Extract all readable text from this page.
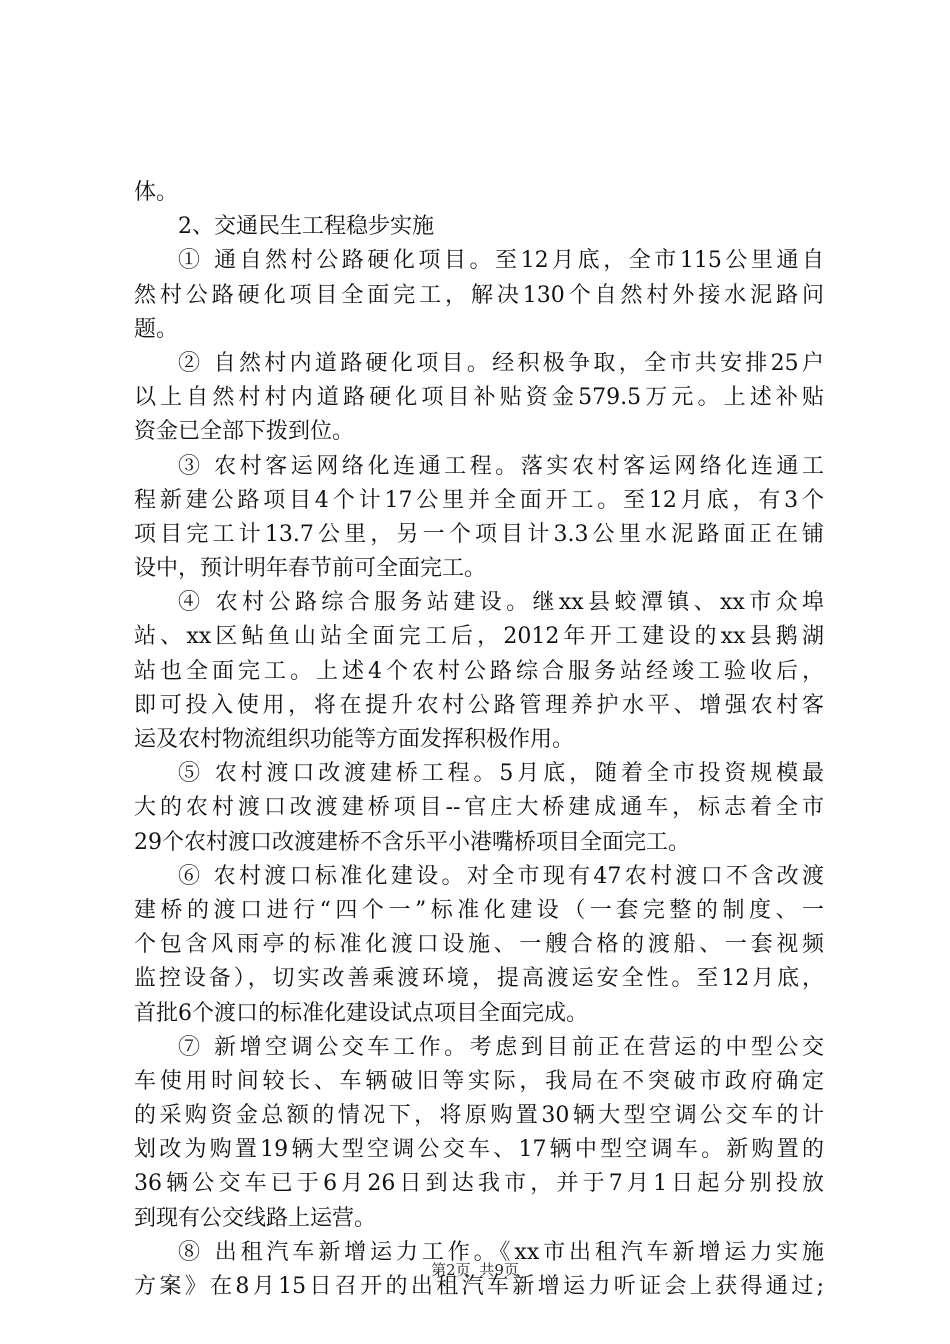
体。
2、交通民生工程稳步实施
① 通自然村公路硬化项目。至12月底，全市115公里通自
然村公路硬化项目全面完工，解决130个自然村外接水泥路问
题。
② 自然村内道路硬化项目。经积极争取，全市共安排25户
以上自然村村内道路硬化项目补贴资金579.5万元。上述补贴
资金已全部下拨到位。
③ 农村客运网络化连通工程。落实农村客运网络化连通工
程新建公路项目4个计17公里并全面开工。至12月底，有3个
项目完工计13.7公里，另一个项目计3.3公里水泥路面正在铺
设中，预计明年春节前可全面完工。
④ 农村公路综合服务站建设。继xx县蛟潭镇、xx市众埠
站、xx区鲇鱼山站全面完工后，2012年开工建设的xx县鹅湖
站也全面完工。上述4个农村公路综合服务站经竣工验收后，
即可投入使用，将在提升农村公路管理养护水平、增强农村客
运及农村物流组织功能等方面发挥积极作用。
⑤ 农村渡口改渡建桥工程。5月底，随着全市投资规模最
大的农村渡口改渡建桥项目--官庄大桥建成通车，标志着全市
29个农村渡口改渡建桥不含乐平小港嘴桥项目全面完工。
⑥ 农村渡口标准化建设。对全市现有47农村渡口不含改渡
建桥的渡口进行“四个一”标准化建设（一套完整的制度、一
个包含风雨亭的标准化渡口设施、一艘合格的渡船、一套视频
监控设备），切实改善乘渡环境，提高渡运安全性。至12月底，
首批6个渡口的标准化建设试点项目全面完成。
⑦ 新增空调公交车工作。考虑到目前正在营运的中型公交
车使用时间较长、车辆破旧等实际，我局在不突破市政府确定
的采购资金总额的情况下，将原购置30辆大型空调公交车的计
划改为购置19辆大型空调公交车、17辆中型空调车。新购置的
36辆公交车已于6月26日到达我市，并于7月1日起分别投放
到现有公交线路上运营。
⑧ 出租汽车新增运力工作。《xx市出租汽车新增运力实施
方案》在8月15日召开的出租汽车新增运力听证会上获得通过;
第2页 共9页
